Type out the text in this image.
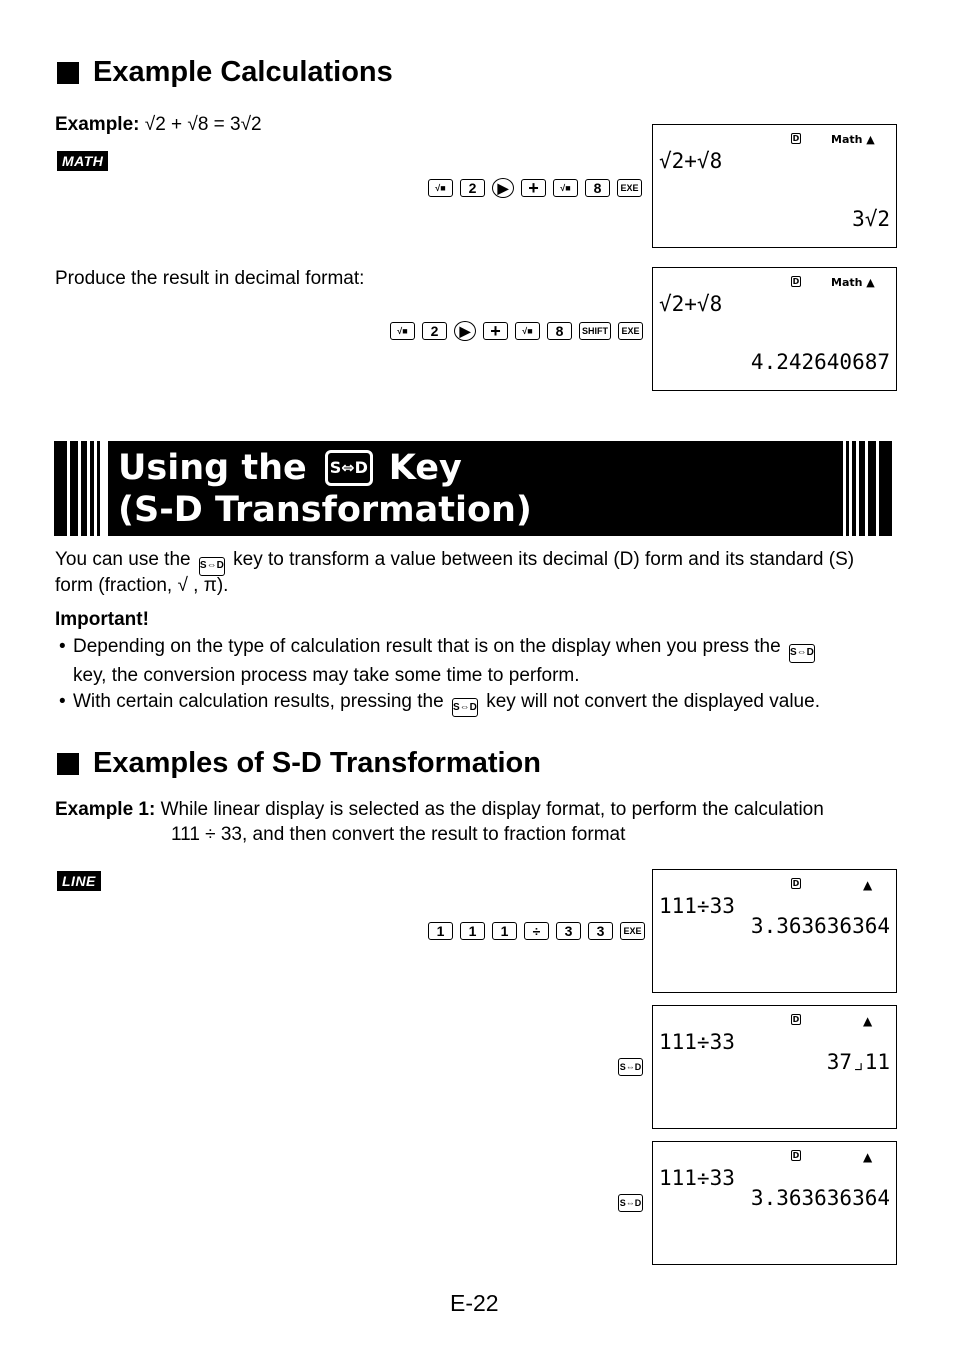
Example Calculations
Example: √2 + √8 = 3√2
MATH
√■	2	▶	+	√■	8	EXE
D	Math ▲
√2+√8
3√2
Produce the result in decimal format:
√■	2	▶	+	√■	8	SHIFT	EXE
D	Math ▲
√2+√8
4.242640687
Using the	S⇔D Key
(S-D Transformation)
You can use the S⇔D key to transform a value between its decimal (D) form and its standard (S)
form (fraction, √ , π).
Important!
• Depending on the type of calculation result that is on the display when you press the S⇔D
key, the conversion process may take some time to perform.
• With certain calculation results, pressing the S⇔D key will not convert the displayed value.
Examples of S-D Transformation
Example 1: While linear display is selected as the display format, to perform the calculation
111 ÷ 33, and then convert the result to fraction format
LINE
1	1	1	÷	3	3	EXE
D	▲
111÷33
3.363636364
S⇔D
D	▲
111÷33
37⌟11
S⇔D
D	▲
111÷33
3.363636364
E-22
